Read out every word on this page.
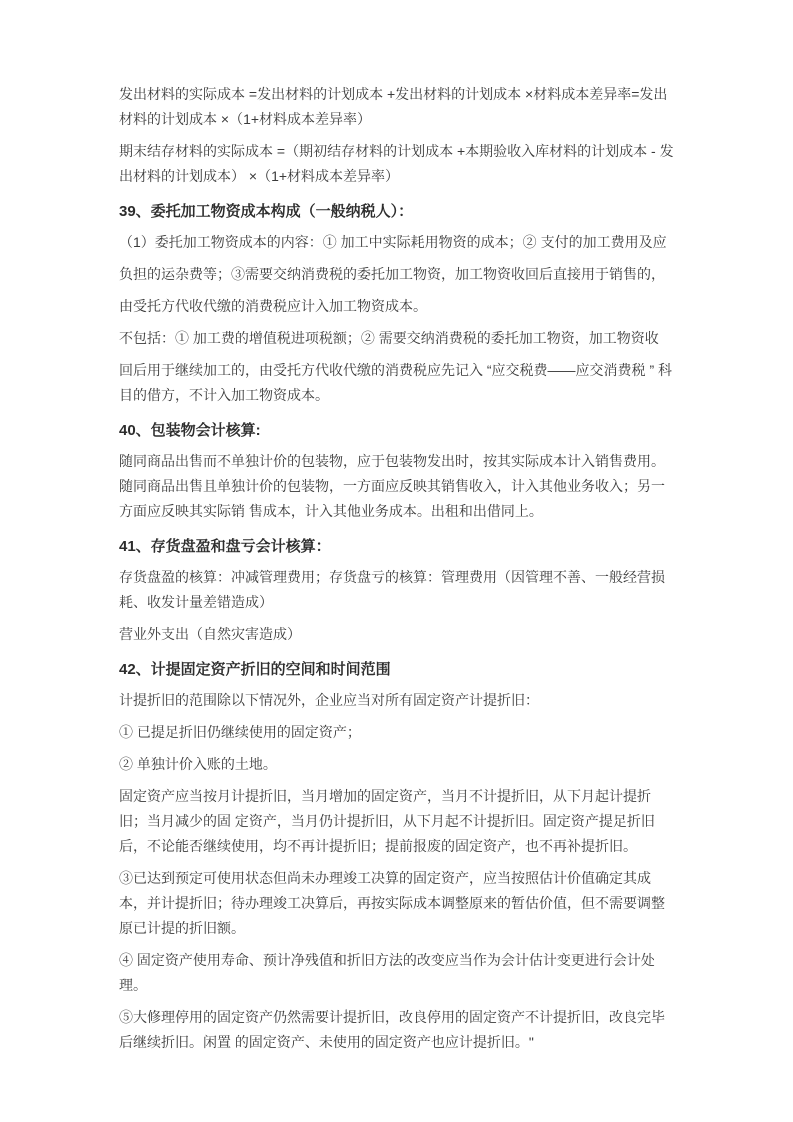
发出材料的实际成本 =发出材料的计划成本 +发出材料的计划成本 ×材料成本差异率=发出材料的计划成本 ×（1+材料成本差异率）

期末结存材料的实际成本 =（期初结存材料的计划成本 +本期验收入库材料的计划成本 - 发出材料的计划成本） ×（1+材料成本差异率）

39、委托加工物资成本构成（一般纳税人）：

（1）委托加工物资成本的内容：① 加工中实际耗用物资的成本；② 支付的加工费用及应

负担的运杂费等；③需要交纳消费税的委托加工物资，加工物资收回后直接用于销售的，

由受托方代收代缴的消费税应计入加工物资成本。

不包括：① 加工费的增值税进项税额；② 需要交纳消费税的委托加工物资，加工物资收

回后用于继续加工的，由受托方代收代缴的消费税应先记入 “应交税费——应交消费税 ” 科目的借方，不计入加工物资成本。

40、包装物会计核算:

随同商品出售而不单独计价的包装物，应于包装物发出时，按其实际成本计入销售费用。随同商品出售且单独计价的包装物，一方面应反映其销售收入，计入其他业务收入；另一方面应反映其实际销 售成本，计入其他业务成本。出租和出借同上。

41、存货盘盈和盘亏会计核算：

存货盘盈的核算：冲减管理费用；存货盘亏的核算：管理费用（因管理不善、一般经营损耗、收发计量差错造成）

营业外支出（自然灾害造成）

42、计提固定资产折旧的空间和时间范围

计提折旧的范围除以下情况外，企业应当对所有固定资产计提折旧：

① 已提足折旧仍继续使用的固定资产；

② 单独计价入账的土地。

固定资产应当按月计提折旧，当月增加的固定资产，当月不计提折旧，从下月起计提折旧；当月减少的固 定资产，当月仍计提折旧，从下月起不计提折旧。固定资产提足折旧后，不论能否继续使用，均不再计提折旧；提前报废的固定资产，也不再补提折旧。

③已达到预定可使用状态但尚未办理竣工决算的固定资产，应当按照估计价值确定其成本，并计提折旧；待办理竣工决算后，再按实际成本调整原来的暂估价值，但不需要调整原已计提的折旧额。

④ 固定资产使用寿命、预计净残值和折旧方法的改变应当作为会计估计变更进行会计处理。

⑤大修理停用的固定资产仍然需要计提折旧，改良停用的固定资产不计提折旧，改良完毕后继续折旧。闲置 的固定资产、未使用的固定资产也应计提折旧。"
